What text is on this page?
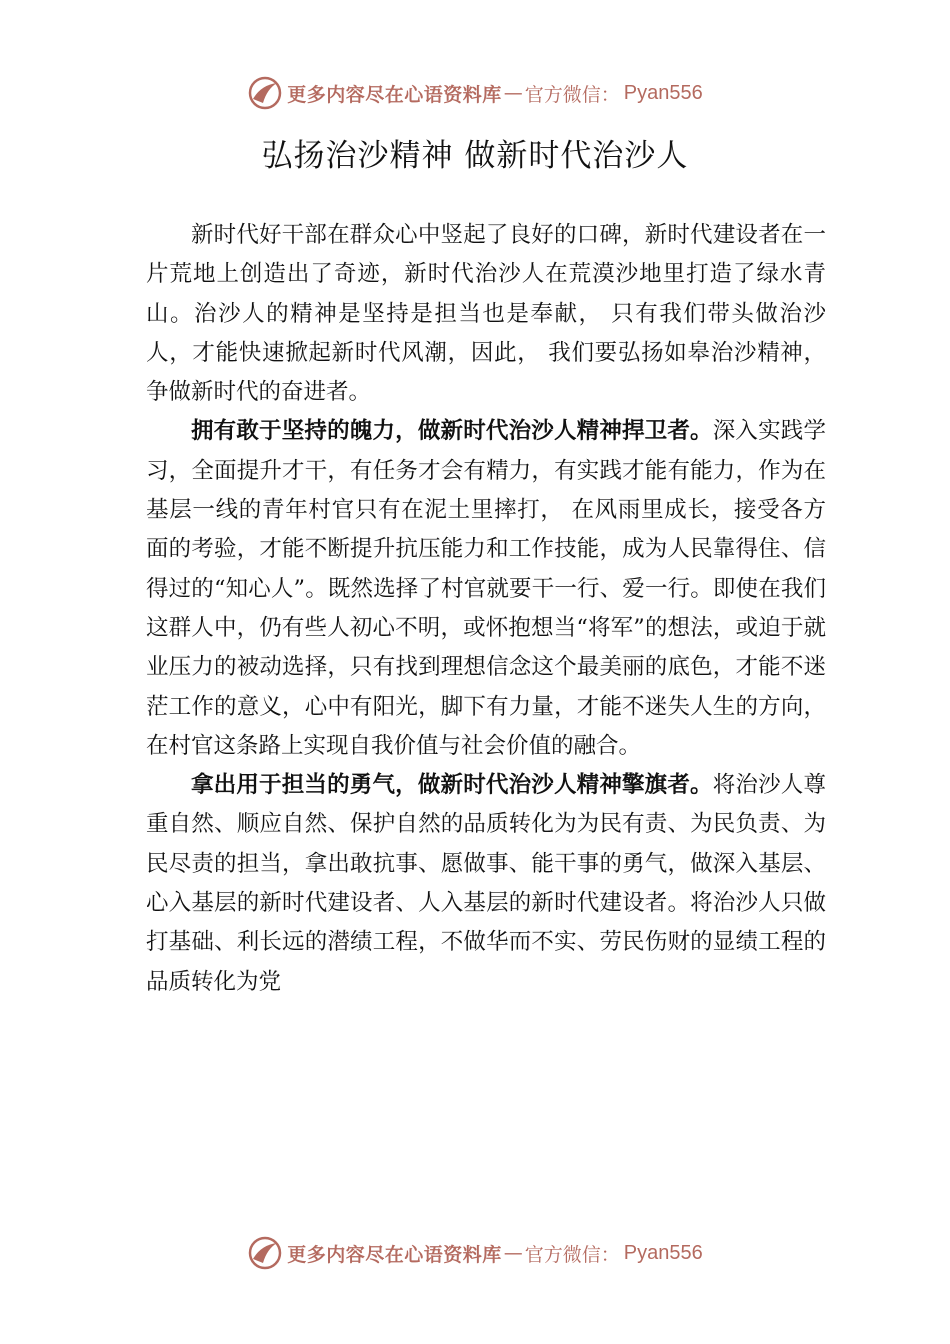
更多内容尽在心语资料库 — 官方微信： Pyan556
弘扬治沙精神 做新时代治沙人

新时代好干部在群众心中竖起了良好的口碑，新时代建设者在一片荒地上创造出了奇迹，新时代治沙人在荒漠沙地里打造了绿水青山。治沙人的精神是坚持是担当也是奉献， 只有我们带头做治沙人，才能快速掀起新时代风潮，因此， 我们要弘扬如皋治沙精神，争做新时代的奋进者。

拥有敢于坚持的魄力，做新时代治沙人精神捍卫者。深入实践学习，全面提升才干，有任务才会有精力，有实践才能有能力，作为在基层一线的青年村官只有在泥土里摔打， 在风雨里成长，接受各方面的考验，才能不断提升抗压能力和工作技能，成为人民靠得住、信得过的“知心人”。既然选择了村官就要干一行、爱一行。即使在我们这群人中，仍有些人初心不明，或怀抱想当“将军”的想法，或迫于就业压力的被动选择，只有找到理想信念这个最美丽的底色，才能不迷茫工作的意义，心中有阳光，脚下有力量，才能不迷失人生的方向，在村官这条路上实现自我价值与社会价值的融合。

拿出用于担当的勇气，做新时代治沙人精神擎旗者。将治沙人尊重自然、顺应自然、保护自然的品质转化为为民有责、为民负责、为民尽责的担当，拿出敢抗事、愿做事、能干事的勇气，做深入基层、心入基层的新时代建设者、人入基层的新时代建设者。将治沙人只做打基础、利长远的潜绩工程，不做华而不实、劳民伤财的显绩工程的品质转化为党

更多内容尽在心语资料库 — 官方微信： Pyan556
